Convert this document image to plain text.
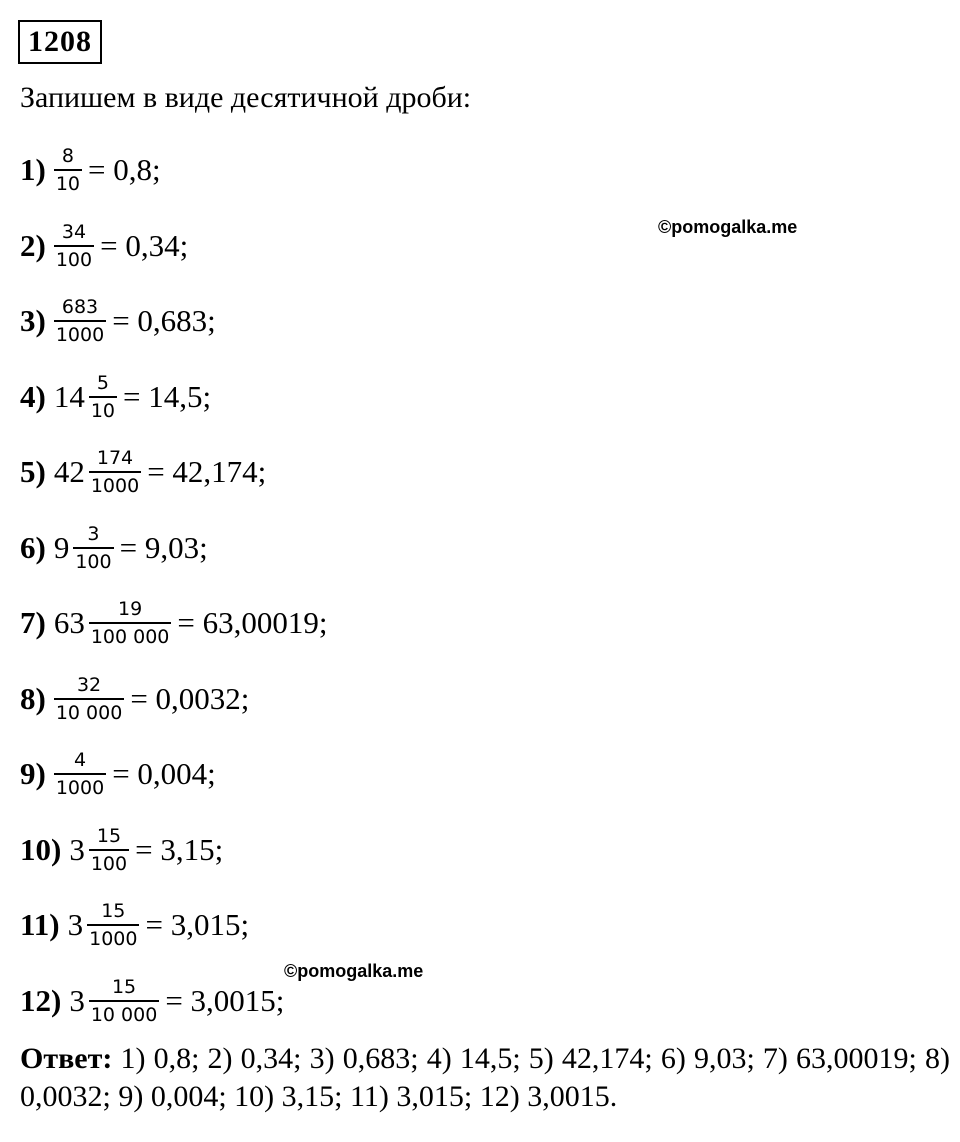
1208
Запишем в виде десятичной дроби:
$1) \frac{8}{10} = 0,8$;
$2) \frac{34}{100} = 0,34$;
$3) \frac{683}{1000} = 0,683$;
4) $14 \frac{5}{10} = 14,5$;
5) $42 \frac{174}{1000} = 42,174$;
6) $9 \frac{3}{100} = 9,03$;
7) $63 \frac{19}{100 000} = 63,00019$;
$8) \frac{32}{10 000} = 0,0032$;
$9) \frac{4}{1000} = 0,004$;
10) $3 \frac{15}{100} = 3,15$;
11) $3 \frac{15}{1000} = 3,015$;
12) $3 \frac{15}{10 000} = 3,0015$;
©pomogalka.me
©pomogalka.me
Ответ: 1) 0,8; 2) 0,34; 3) 0,683; 4) 14,5; 5) 42,174; 6) 9,03; 7) 63,00019; 8) 0,0032; 9) 0,004; 10) 3,15; 11) 3,015; 12) 3,0015.
